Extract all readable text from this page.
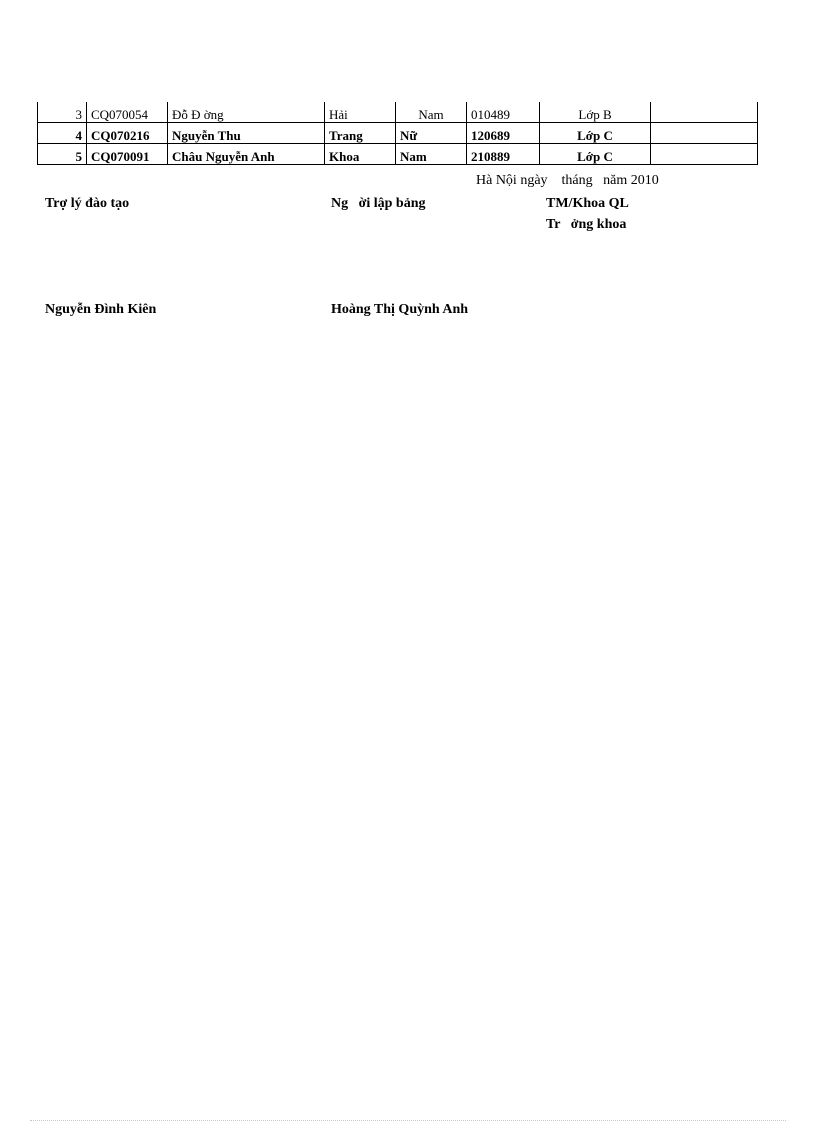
3	CQ070054	Đỗ Đ ờng	Hải	Nam	010489	Lớp B	
4	CQ070216	Nguyễn Thu	Trang	Nữ	120689	Lớp C	
5	CQ070091	Châu Nguyễn Anh	Khoa	Nam	210889	Lớp C	
Hà Nội ngày    tháng   năm 2010
Trợ lý đào tạo	Ng   ời lập bảng	TM/Khoa QL
Tr   ởng khoa
Nguyễn Đình Kiên	Hoàng Thị Quỳnh Anh
